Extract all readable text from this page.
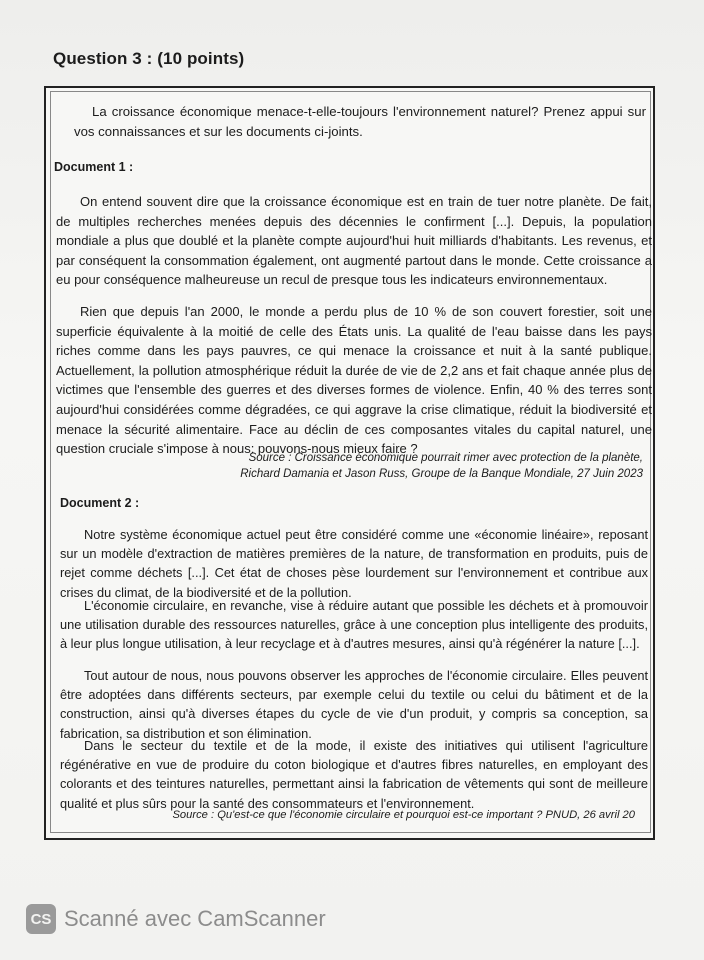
Question 3 : (10 points)
La croissance économique menace-t-elle-toujours l'environnement naturel? Prenez appui sur vos connaissances et sur les documents ci-joints.
Document 1 :

On entend souvent dire que la croissance économique est en train de tuer notre planète. De fait, de multiples recherches menées depuis des décennies le confirment [...]. Depuis, la population mondiale a plus que doublé et la planète compte aujourd'hui huit milliards d'habitants. Les revenus, et par conséquent la consommation également, ont augmenté partout dans le monde. Cette croissance a eu pour conséquence malheureuse un recul de presque tous les indicateurs environnementaux.

Rien que depuis l'an 2000, le monde a perdu plus de 10 % de son couvert forestier, soit une superficie équivalente à la moitié de celle des États unis. La qualité de l'eau baisse dans les pays riches comme dans les pays pauvres, ce qui menace la croissance et nuit à la santé publique. Actuellement, la pollution atmosphérique réduit la durée de vie de 2,2 ans et fait chaque année plus de victimes que l'ensemble des guerres et des diverses formes de violence. Enfin, 40 % des terres sont aujourd'hui considérées comme dégradées, ce qui aggrave la crise climatique, réduit la biodiversité et menace la sécurité alimentaire. Face au déclin de ces composantes vitales du capital naturel, une question cruciale s'impose à nous: pouvons-nous mieux faire ?

Source : Croissance économique pourrait rimer avec protection de la planète,
Richard Damania et Jason Russ, Groupe de la Banque Mondiale, 27 Juin 2023
Document 2 :

Notre système économique actuel peut être considéré comme une «économie linéaire», reposant sur un modèle d'extraction de matières premières de la nature, de transformation en produits, puis de rejet comme déchets [...]. Cet état de choses pèse lourdement sur l'environnement et contribue aux crises du climat, de la biodiversité et de la pollution.

L'économie circulaire, en revanche, vise à réduire autant que possible les déchets et à promouvoir une utilisation durable des ressources naturelles, grâce à une conception plus intelligente des produits, à leur plus longue utilisation, à leur recyclage et à d'autres mesures, ainsi qu'à régénérer la nature [...].

Tout autour de nous, nous pouvons observer les approches de l'économie circulaire. Elles peuvent être adoptées dans différents secteurs, par exemple celui du textile ou celui du bâtiment et de la construction, ainsi qu'à diverses étapes du cycle de vie d'un produit, y compris sa conception, sa fabrication, sa distribution et son élimination.

Dans le secteur du textile et de la mode, il existe des initiatives qui utilisent l'agriculture régénérative en vue de produire du coton biologique et d'autres fibres naturelles, en employant des colorants et des teintures naturelles, permettant ainsi la fabrication de vêtements qui sont de meilleure qualité et plus sûrs pour la santé des consommateurs et l'environnement.

Source : Qu'est-ce que l'économie circulaire et pourquoi est-ce important ? PNUD, 26 avril 20
CS Scanné avec CamScanner
